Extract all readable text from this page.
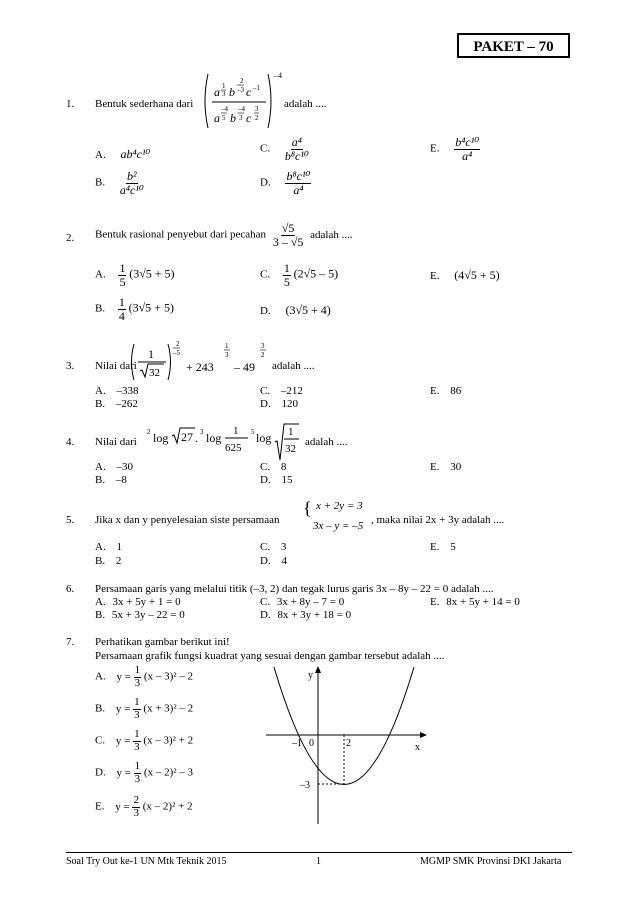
PAKET – 70
1. Bentuk sederhana dari
–4
a 1
3 b
2
–3 c –1
a
–4
5 b
–4
3 c
3
2
adalah ....
A. ab⁴c¹⁰
B. $\frac{\text{b²}}{\text{a⁴c¹⁰}}$
C. $\frac{\text{a⁴}}{\text{b⁸c¹⁰}}$
D. $\frac{\text{b⁸c¹⁰}}{\text{a⁴}}$
E. $\frac{\text{b⁴c¹⁰}}{\text{a⁴}}$
2. Bentuk rasional penyebut dari pecahan $\frac{√5}{3 - √5}$ adalah ....
A. $\frac{1}{5} (3√5 + 5)$
B. $\frac{1}{4} (3√5 + 5)$
C. $\frac{1}{5} (2√5 - 5)$
D. (3√5 + 4)
E. (4√5 + 5)
3. Nilai dari
1
32
2
–5
+ 243
1
3
– 49
3
2
adalah ....
A. –338
B. –262
C. –212
D. 120
E. 86
4. Nilai dari
2 log 27 . 3 log 1
625
5 log 1
32
adalah ....
A. –30
B. –8
C. 8
D. 15
E. 30
5. Jika x dan y penyelesaian siste persamaan
{ x + 2y = 3
3x – y = –5 , maka nilai 2x + 3y adalah ....
A. 1
B. 2
C. 3
D. 4
E. 5
6. Persamaan garis yang melalui titik (–3, 2) dan tegak lurus garis 3x – 8y – 22 = 0 adalah ....
A. 3x + 5y + 1 = 0
B. 5x + 3y – 22 = 0
C. 3x + 8y – 7 = 0
D. 8x + 3y + 18 = 0
E. 8x + 5y + 14 = 0
7. Perhatikan gambar berikut ini!
Persamaan grafik fungsi kuadrat yang sesuai dengan gambar tersebut adalah ....
A. $y = \frac{1}{3} (x - 3)^2 - 2$
B. $y = \frac{1}{3} (x + 3)^2 - 2$
C. $y = \frac{1}{3} (x - 3)^2 + 2$
D. $y = \frac{1}{3} (x - 2)^2 - 3$
E. $y = \frac{2}{3} (x - 2)^2 + 2$
y
x
–1 0	2
–3
Soal Try Out ke-1 UN Mtk Teknik 2015	1	MGMP SMK Provinsi DKI Jakarta
